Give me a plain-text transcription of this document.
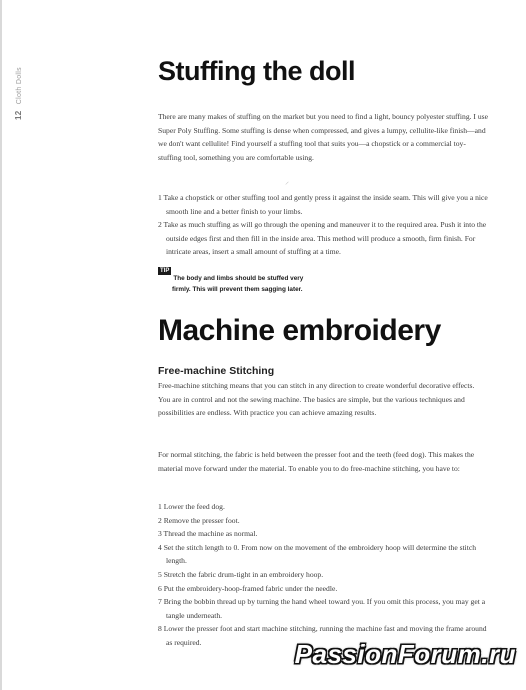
12 Cloth Dolls	Stuffing the doll

There are many makes of stuffing on the market but you need to find a light, bouncy polyester stuffing. I use Super Poly Stuffing. Some stuffing is dense when compressed, and gives a lumpy, cellulite-like finish—and we don't want cellulite! Find yourself a stuffing tool that suits you—a chopstick or a commercial toy-stuffing tool, something you are comfortable using.

⸝
1 Take a chopstick or other stuffing tool and gently press it against the inside seam. This will give you a nice smooth line and a better finish to your limbs.
2 Take as much stuffing as will go through the opening and maneuver it to the required area. Push it into the outside edges first and then fill in the inside area. This method will produce a smooth, firm finish. For intricate areas, insert a small amount of stuffing at a time.
TIPThe body and limbs should be stuffed very
firmly. This will prevent them sagging later.
Machine embroidery
Free-machine Stitching

Free-machine stitching means that you can stitch in any direction to create wonderful decorative effects. You are in control and not the sewing machine. The basics are simple, but the various techniques and possibilities are endless. With practice you can achieve amazing results.

For normal stitching, the fabric is held between the presser foot and the teeth (feed dog). This makes the material move forward under the material. To enable you to do free-machine stitching, you have to:

1 Lower the feed dog.
2 Remove the presser foot.
3 Thread the machine as normal.
4 Set the stitch length to 0. From now on the movement of the embroidery hoop will determine the stitch length.
5 Stretch the fabric drum-tight in an embroidery hoop.
6 Put the embroidery-hoop-framed fabric under the needle.
7 Bring the bobbin thread up by turning the hand wheel toward you. If you omit this process, you may get a tangle underneath.
8 Lower the presser foot and start machine stitching, running the machine fast and moving the frame around as required.	PassionForum.ru
